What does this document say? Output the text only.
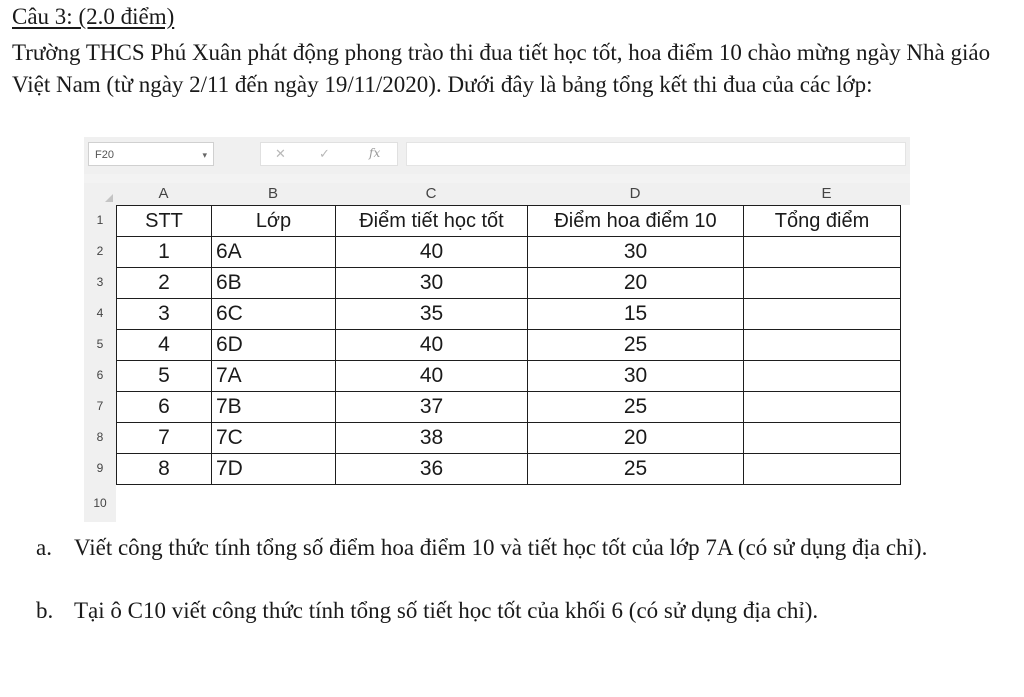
Câu 3: (2.0 điểm)

Trường THCS Phú Xuân phát động phong trào thi đua tiết học tốt, hoa điểm 10 chào mừng ngày Nhà giáo Việt Nam (từ ngày 2/11 đến ngày 19/11/2020). Dưới đây là bảng tổng kết thi đua của các lớp:

F20	▾	✕	✓	fx
A	B	C	D	E
1
2
3
4
5
6
7
8
9
10
STT	Lớp	Điểm tiết học tốt	Điểm hoa điểm 10	Tổng điểm
1	6A	40	30	
2	6B	30	20	
3	6C	35	15	
4	6D	40	25	
5	7A	40	30	
6	7B	37	25	
7	7C	38	20	
8	7D	36	25	
a. Viết công thức tính tổng số điểm hoa điểm 10 và tiết học tốt của lớp 7A (có sử dụng địa chỉ).
b. Tại ô C10 viết công thức tính tổng số tiết học tốt của khối 6 (có sử dụng địa chỉ).
